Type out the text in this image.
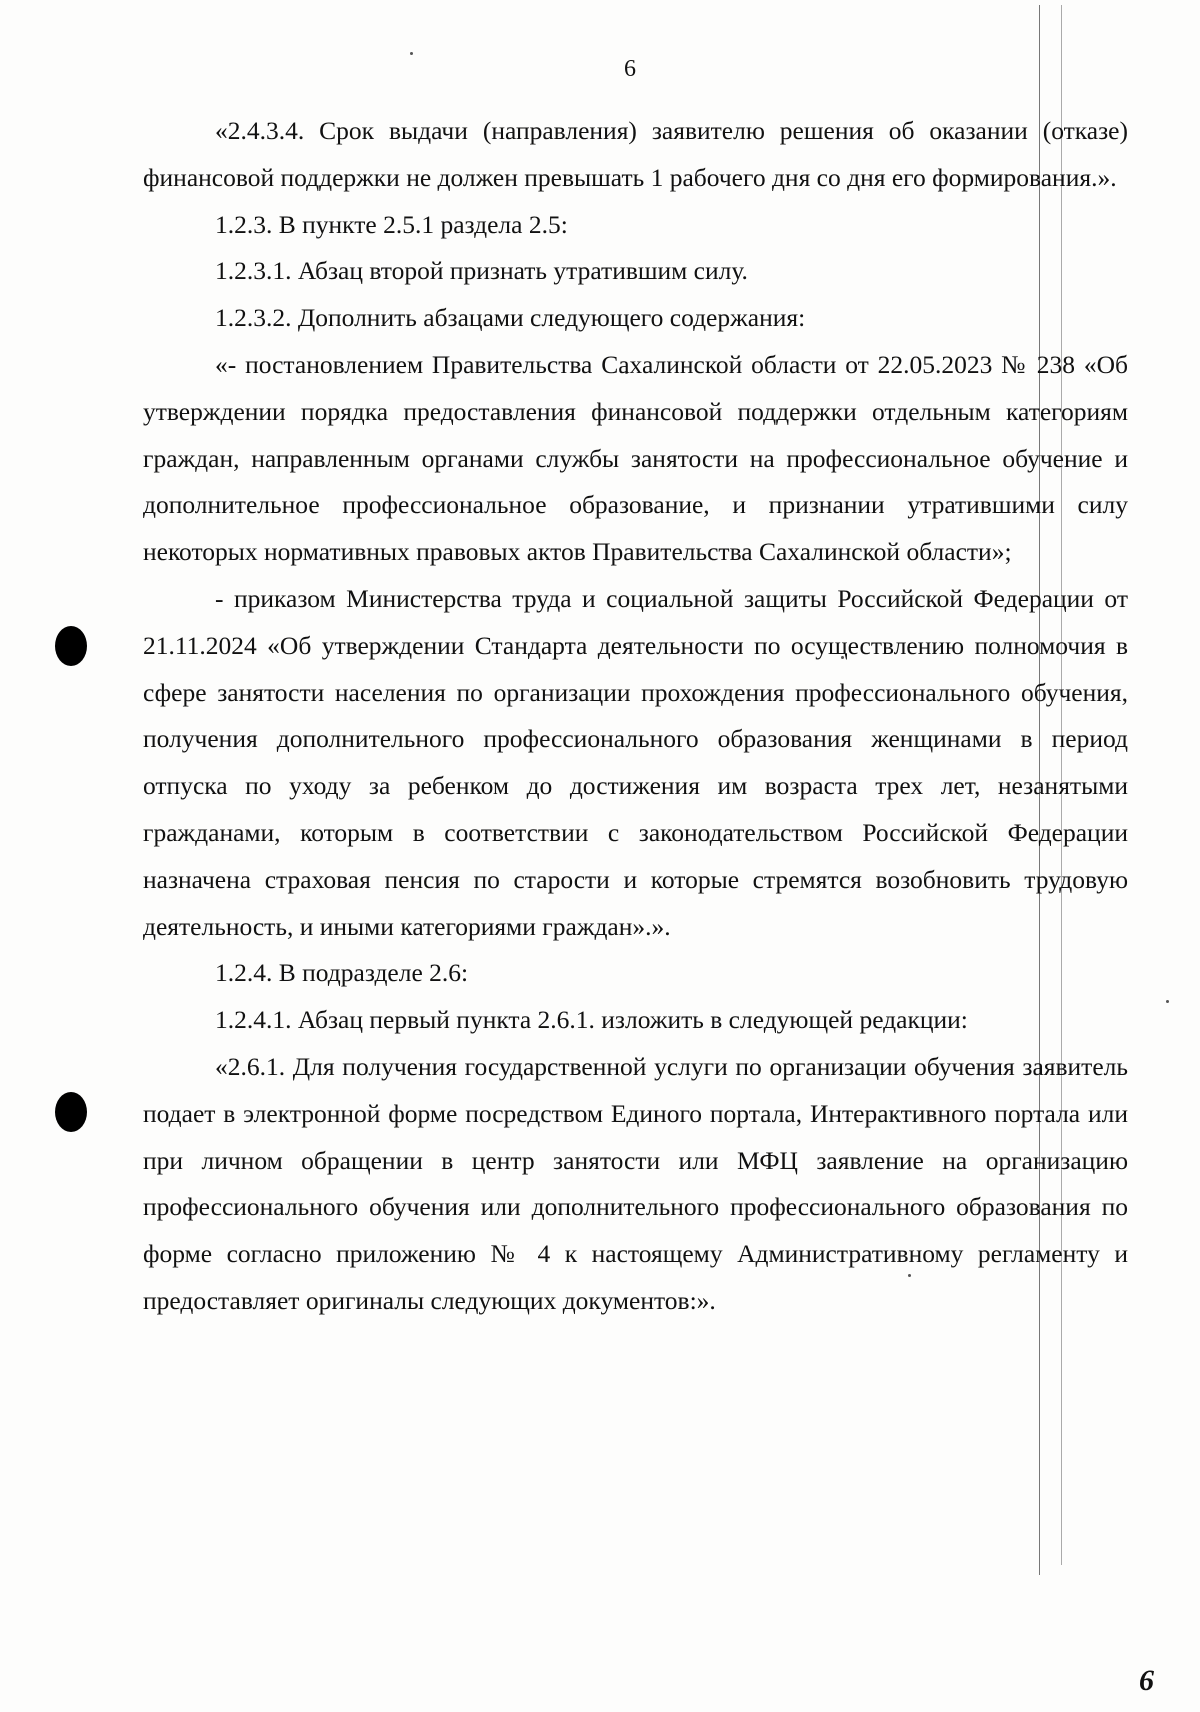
6

«2.4.3.4. Срок выдачи (направления) заявителю решения об оказании (отказе) финансовой поддержки не должен превышать 1 рабочего дня со дня его формирования.».

1.2.3. В пункте 2.5.1 раздела 2.5:

1.2.3.1. Абзац второй признать утратившим силу.

1.2.3.2. Дополнить абзацами следующего содержания:

«- постановлением Правительства Сахалинской области от 22.05.2023 № 238 «Об утверждении порядка предоставления финансовой поддержки отдельным категориям граждан, направленным органами службы занятости на профессиональное обучение и дополнительное профессиональное образование, и признании утратившими силу некоторых нормативных правовых актов Правительства Сахалинской области»;

- приказом Министерства труда и социальной защиты Российской Федерации от 21.11.2024 «Об утверждении Стандарта деятельности по осуществлению полномочия в сфере занятости населения по организации прохождения профессионального обучения, получения дополнительного профессионального образования женщинами в период отпуска по уходу за ребенком до достижения им возраста трех лет, незанятыми гражданами, которым в соответствии с законодательством Российской Федерации назначена страховая пенсия по старости и которые стремятся возобновить трудовую деятельность, и иными категориями граждан».».

1.2.4. В подразделе 2.6:

1.2.4.1. Абзац первый пункта 2.6.1. изложить в следующей редакции:

«2.6.1. Для получения государственной услуги по организации обучения заявитель подает в электронной форме посредством Единого портала, Интерактивного портала или при личном обращении в центр занятости или МФЦ заявление на организацию профессионального обучения или дополнительного профессионального образования по форме согласно приложению № 4 к настоящему Административному регламенту и предоставляет оригиналы следующих документов:».

6
